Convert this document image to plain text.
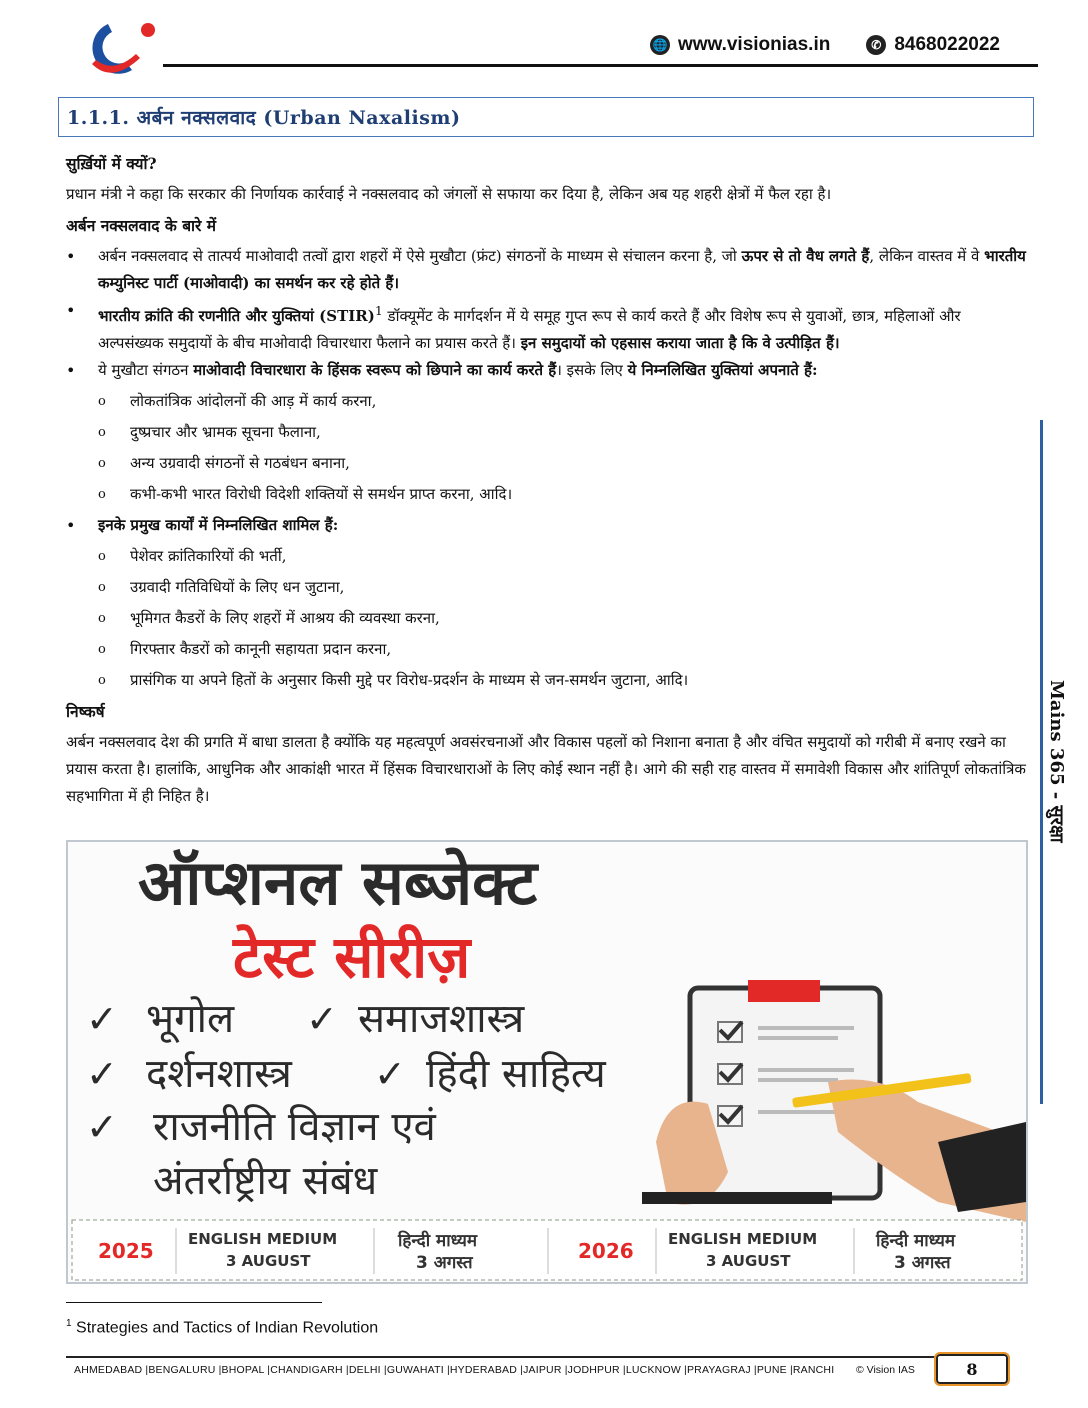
🌐 www.visionias.in	✆ 8468022022
1.1.1. अर्बन नक्सलवाद (Urban Naxalism)
सुर्ख़ियों में क्यों?

प्रधान मंत्री ने कहा कि सरकार की निर्णायक कार्रवाई ने नक्सलवाद को जंगलों से सफाया कर दिया है, लेकिन अब यह शहरी क्षेत्रों में फैल रहा है।

अर्बन नक्सलवाद के बारे में
• अर्बन नक्सलवाद से तात्पर्य माओवादी तत्वों द्वारा शहरों में ऐसे मुखौटा (फ्रंट) संगठनों के माध्यम से संचालन करना है, जो ऊपर से तो वैध लगते हैं, लेकिन वास्तव में वे भारतीय कम्युनिस्ट पार्टी (माओवादी) का समर्थन कर रहे होते हैं।
• भारतीय क्रांति की रणनीति और युक्तियां (STIR)$^1$ डॉक्यूमेंट के मार्गदर्शन में ये समूह गुप्त रूप से कार्य करते हैं और विशेष रूप से युवाओं, छात्र, महिलाओं और अल्पसंख्यक समुदायों के बीच माओवादी विचारधारा फैलाने का प्रयास करते हैं। इन समुदायों को एहसास कराया जाता है कि वे उत्पीड़ित हैं।
• ये मुखौटा संगठन माओवादी विचारधारा के हिंसक स्वरूप को छिपाने का कार्य करते हैं। इसके लिए ये निम्नलिखित युक्तियां अपनाते हैं:
o लोकतांत्रिक आंदोलनों की आड़ में कार्य करना,
o दुष्प्रचार और भ्रामक सूचना फैलाना,
o अन्य उग्रवादी संगठनों से गठबंधन बनाना,
o कभी-कभी भारत विरोधी विदेशी शक्तियों से समर्थन प्राप्त करना, आदि।
• इनके प्रमुख कार्यों में निम्नलिखित शामिल हैं:
o पेशेवर क्रांतिकारियों की भर्ती,
o उग्रवादी गतिविधियों के लिए धन जुटाना,
o भूमिगत कैडरों के लिए शहरों में आश्रय की व्यवस्था करना,
o गिरफ्तार कैडरों को कानूनी सहायता प्रदान करना,
o प्रासंगिक या अपने हितों के अनुसार किसी मुद्दे पर विरोध-प्रदर्शन के माध्यम से जन-समर्थन जुटाना, आदि।
निष्कर्ष

अर्बन नक्सलवाद देश की प्रगति में बाधा डालता है क्योंकि यह महत्वपूर्ण अवसंरचनाओं और विकास पहलों को निशाना बनाता है और वंचित समुदायों को गरीबी में बनाए रखने का प्रयास करता है। हालांकि, आधुनिक और आकांक्षी भारत में हिंसक विचारधाराओं के लिए कोई स्थान नहीं है। आगे की सही राह वास्तव में समावेशी विकास और शांतिपूर्ण लोकतांत्रिक सहभागिता में ही निहित है।

ऑप्शनल सब्जेक्ट
टेस्ट सीरीज़
✓ भूगोल ✓ समाजशास्त्र
✓ दर्शनशास्त्र ✓ हिंदी साहित्य
✓ राजनीति विज्ञान एवं
अंतर्राष्ट्रीय संबंध
2025 ENGLISH MEDIUM
3 AUGUST
हिन्दी माध्यम
3 अगस्त	2026 ENGLISH MEDIUM
3 AUGUST
हिन्दी माध्यम
3 अगस्त
Mains 365 - सुरक्षा
$^1$ Strategies and Tactics of Indian Revolution
AHMEDABAD |BENGALURU |BHOPAL |CHANDIGARH |DELHI |GUWAHATI |HYDERABAD |JAIPUR |JODHPUR |LUCKNOW |PRAYAGRAJ |PUNE |RANCHI © Vision IAS	8
